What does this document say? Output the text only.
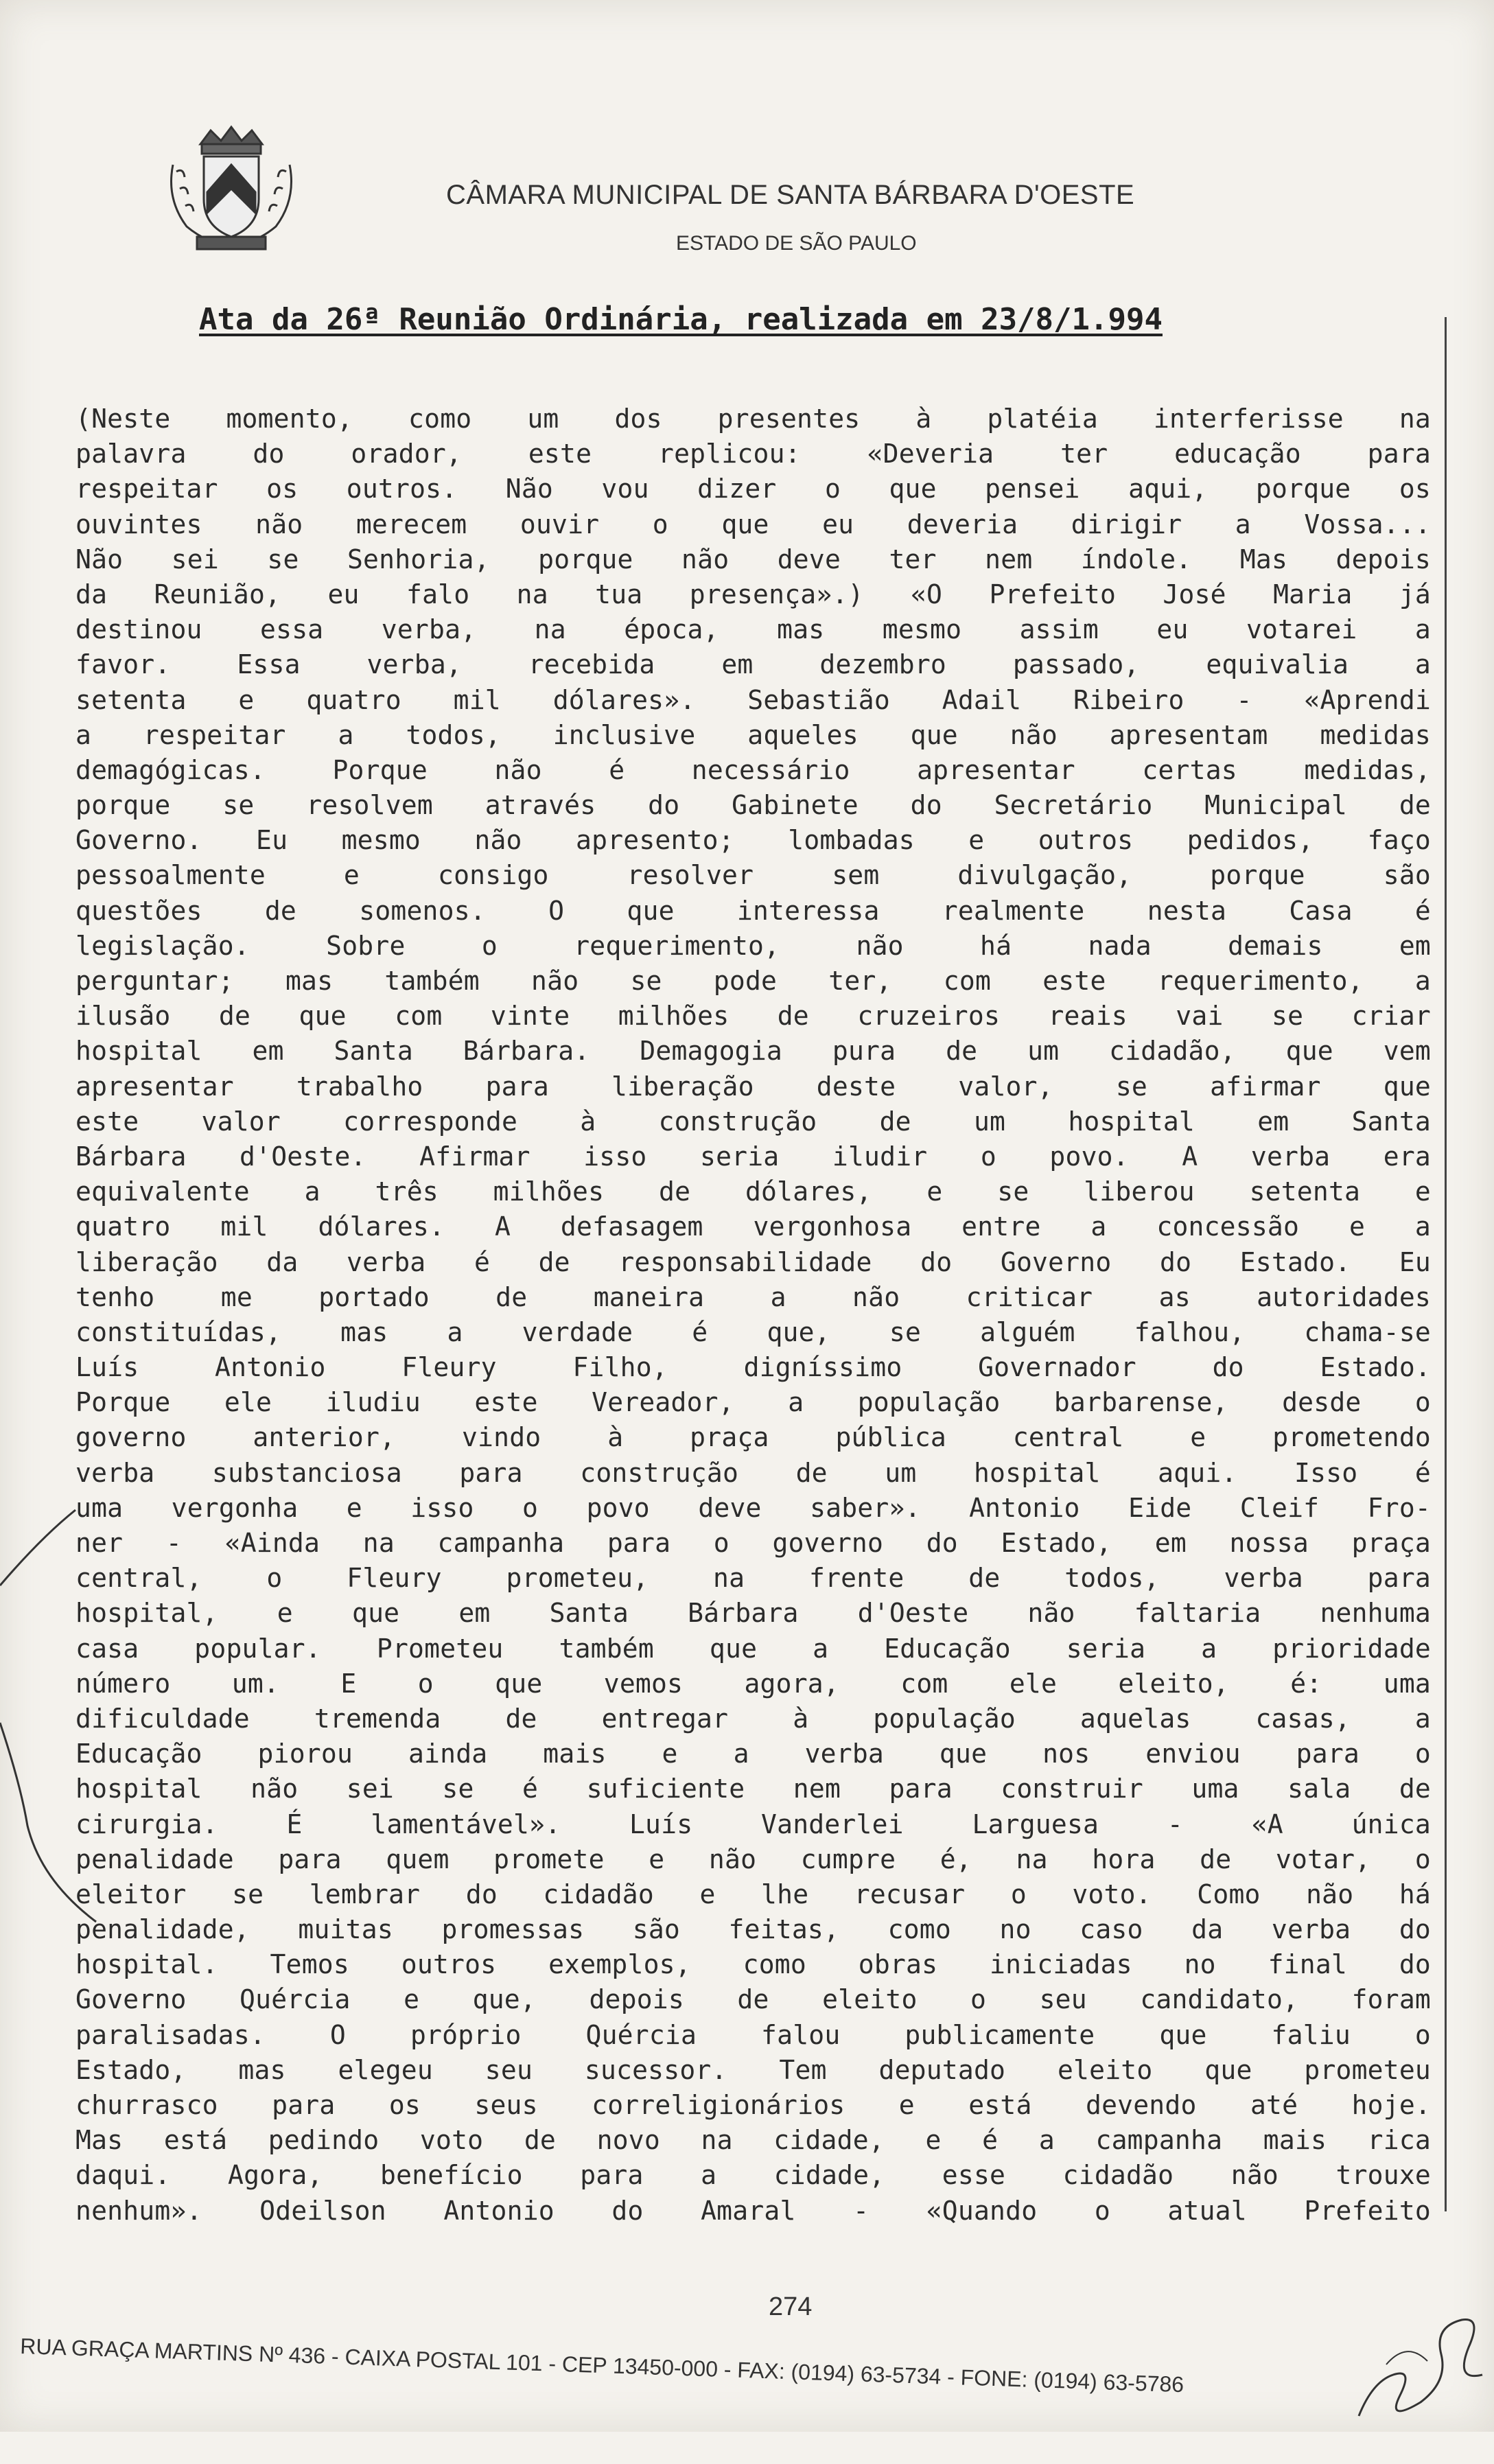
CÂMARA MUNICIPAL DE SANTA BÁRBARA D'OESTE
ESTADO DE SÃO PAULO
Ata da 26ª Reunião Ordinária, realizada em 23/8/1.994
(Neste momento, como um dos presentes à platéia interferisse na
palavra do orador, este replicou: «Deveria ter educação para
respeitar os outros. Não vou dizer o que pensei aqui, porque os
ouvintes não merecem ouvir o que eu deveria dirigir a Vossa...
Não sei se Senhoria, porque não deve ter nem índole. Mas depois
da Reunião, eu falo na tua presença».) «O Prefeito José Maria já
destinou essa verba, na época, mas mesmo assim eu votarei a
favor. Essa verba, recebida em dezembro passado, equivalia a
setenta e quatro mil dólares». Sebastião Adail Ribeiro - «Aprendi
a respeitar a todos, inclusive aqueles que não apresentam medidas
demagógicas. Porque não é necessário apresentar certas medidas,
porque se resolvem através do Gabinete do Secretário Municipal de
Governo. Eu mesmo não apresento; lombadas e outros pedidos, faço
pessoalmente e consigo resolver sem divulgação, porque são
questões de somenos. O que interessa realmente nesta Casa é
legislação. Sobre o requerimento, não há nada demais em
perguntar; mas também não se pode ter, com este requerimento, a
ilusão de que com vinte milhões de cruzeiros reais vai se criar
hospital em Santa Bárbara. Demagogia pura de um cidadão, que vem
apresentar trabalho para liberação deste valor, se afirmar que
este valor corresponde à construção de um hospital em Santa
Bárbara d'Oeste. Afirmar isso seria iludir o povo. A verba era
equivalente a três milhões de dólares, e se liberou setenta e
quatro mil dólares. A defasagem vergonhosa entre a concessão e a
liberação da verba é de responsabilidade do Governo do Estado. Eu
tenho me portado de maneira a não criticar as autoridades
constituídas, mas a verdade é que, se alguém falhou, chama-se
Luís Antonio Fleury Filho, digníssimo Governador do Estado.
Porque ele iludiu este Vereador, a população barbarense, desde o
governo anterior, vindo à praça pública central e prometendo
verba substanciosa para construção de um hospital aqui. Isso é
uma vergonha e isso o povo deve saber». Antonio Eide Cleif Fro-
ner - «Ainda na campanha para o governo do Estado, em nossa praça
central, o Fleury prometeu, na frente de todos, verba para
hospital, e que em Santa Bárbara d'Oeste não faltaria nenhuma
casa popular. Prometeu também que a Educação seria a prioridade
número um. E o que vemos agora, com ele eleito, é: uma
dificuldade tremenda de entregar à população aquelas casas, a
Educação piorou ainda mais e a verba que nos enviou para o
hospital não sei se é suficiente nem para construir uma sala de
cirurgia. É lamentável». Luís Vanderlei Larguesa - «A única
penalidade para quem promete e não cumpre é, na hora de votar, o
eleitor se lembrar do cidadão e lhe recusar o voto. Como não há
penalidade, muitas promessas são feitas, como no caso da verba do
hospital. Temos outros exemplos, como obras iniciadas no final do
Governo Quércia e que, depois de eleito o seu candidato, foram
paralisadas. O próprio Quércia falou publicamente que faliu o
Estado, mas elegeu seu sucessor. Tem deputado eleito que prometeu
churrasco para os seus correligionários e está devendo até hoje.
Mas está pedindo voto de novo na cidade, e é a campanha mais rica
daqui. Agora, benefício para a cidade, esse cidadão não trouxe
nenhum». Odeilson Antonio do Amaral - «Quando o atual Prefeito
274
RUA GRAÇA MARTINS Nº 436 - CAIXA POSTAL 101 - CEP 13450-000 - FAX: (0194) 63-5734 - FONE: (0194) 63-5786
